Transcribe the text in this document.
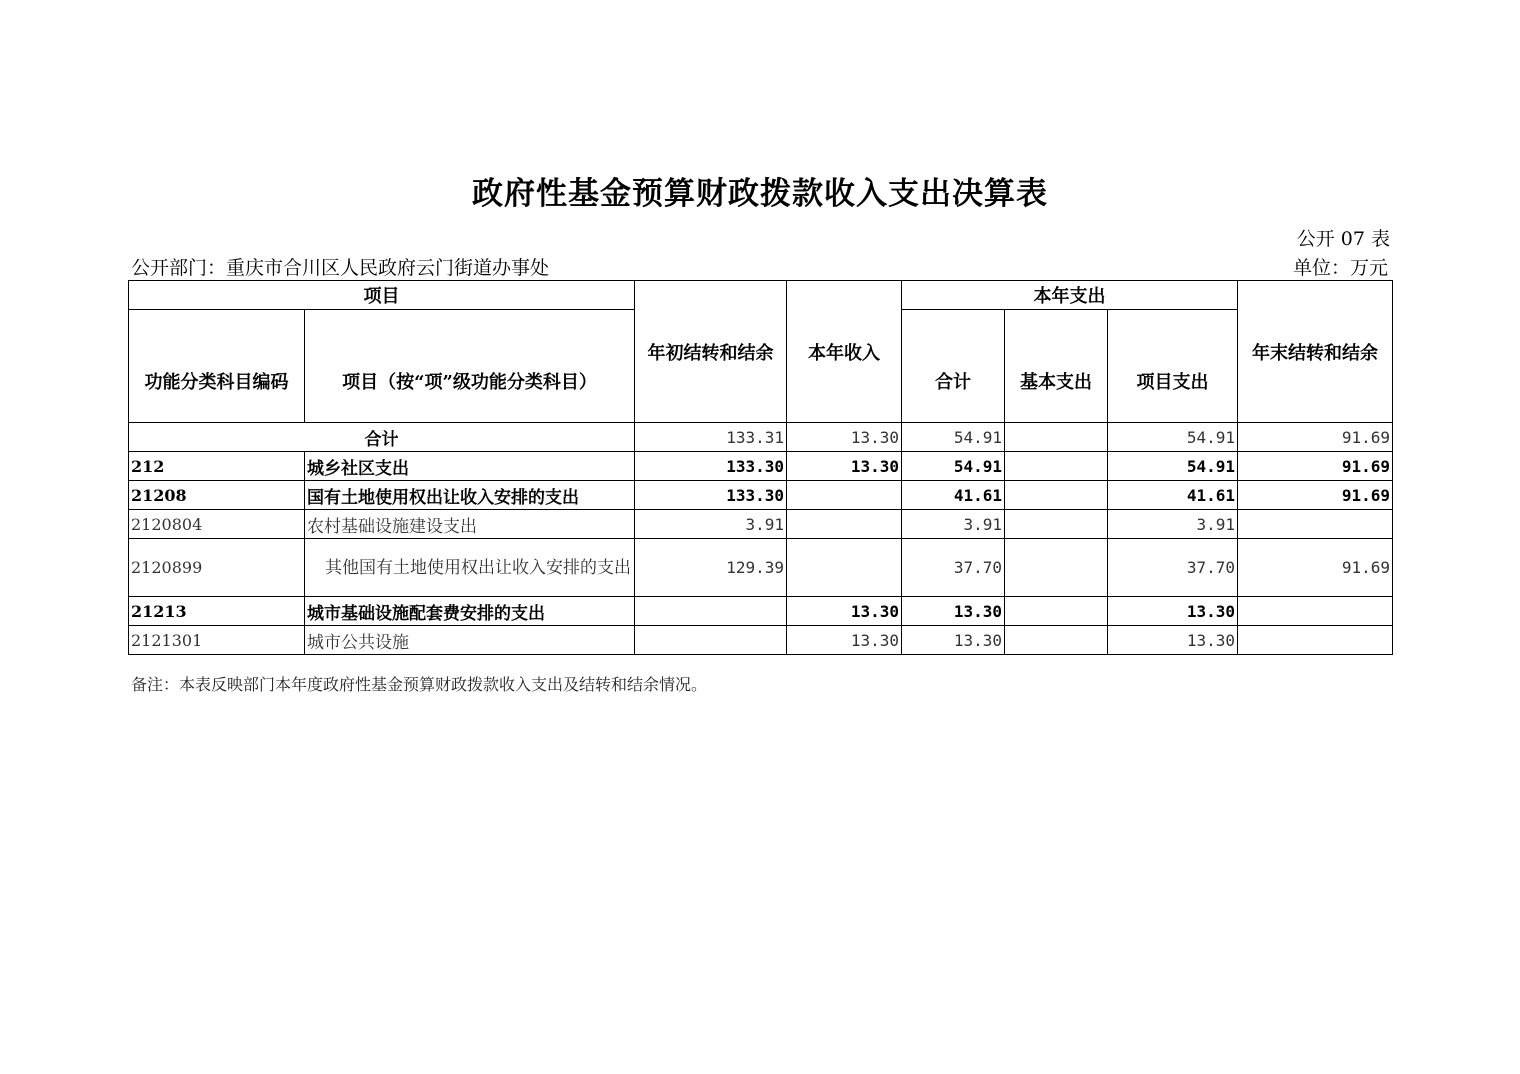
政府性基金预算财政拨款收入支出决算表
公开 07 表
公开部门：重庆市合川区人民政府云门街道办事处	单位：万元
项目		年初结转和结余	本年收入	本年支出			年末结转和结余
功能分类科目编码	项目（按“项”级功能分类科目）			合计	基本支出	项目支出	
合计		133.31	13.30	54.91		54.91	91.69
212	城乡社区支出	133.30	13.30	54.91		54.91	91.69
21208	国有土地使用权出让收入安排的支出	133.30		41.61		41.61	91.69
2120804	农村基础设施建设支出	3.91		3.91		3.91	
2120899	其他国有土地使用权出让收入安排的支出	129.39		37.70		37.70	91.69
21213	城市基础设施配套费安排的支出		13.30	13.30		13.30	
2121301	城市公共设施		13.30	13.30		13.30	
备注：本表反映部门本年度政府性基金预算财政拨款收入支出及结转和结余情况。
